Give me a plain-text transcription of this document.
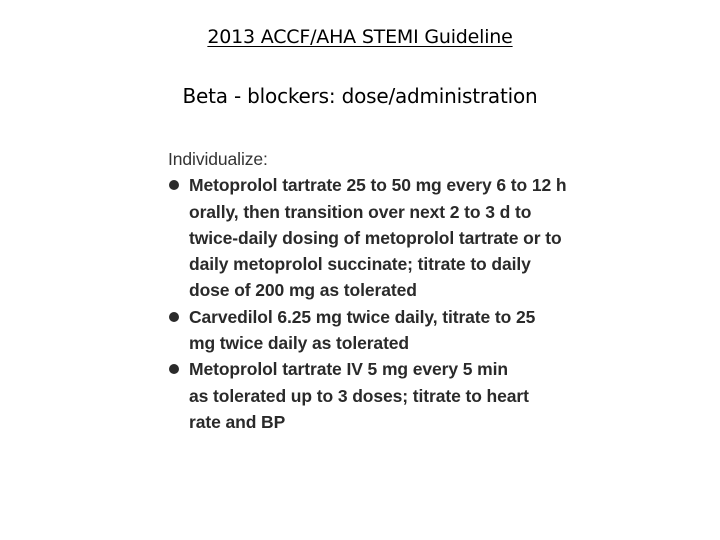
2013 ACCF/AHA STEMI Guideline
Beta - blockers: dose/administration
Individualize:
Metoprolol tartrate 25 to 50 mg every 6 to 12 h orally, then transition over next 2 to 3 d to twice-daily dosing of metoprolol tartrate or to daily metoprolol succinate; titrate to daily dose of 200 mg as tolerated
Carvedilol 6.25 mg twice daily, titrate to 25 mg twice daily as tolerated
Metoprolol tartrate IV 5 mg every 5 min as tolerated up to 3 doses; titrate to heart rate and BP
